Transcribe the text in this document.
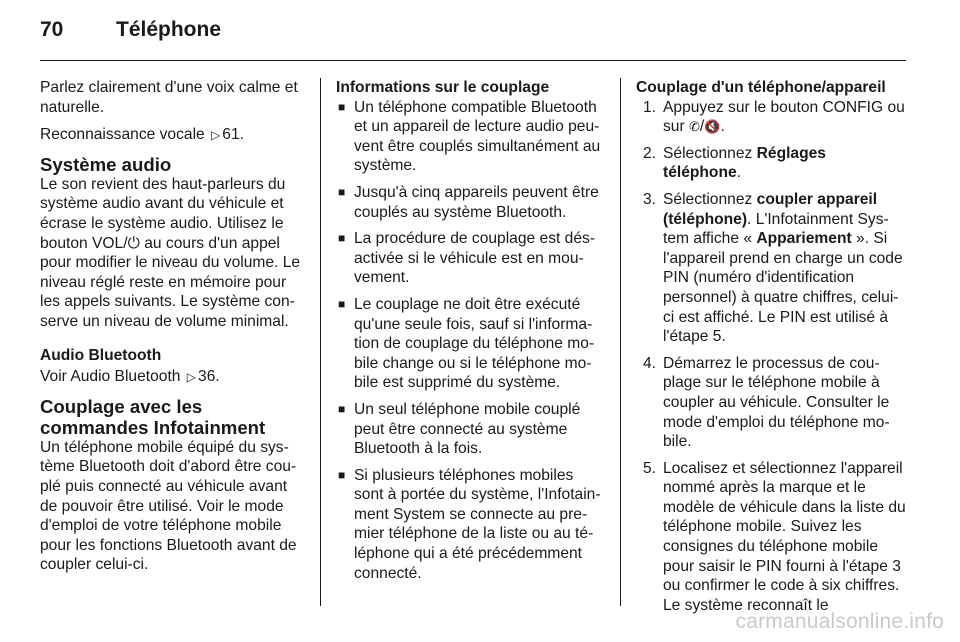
70	Téléphone

Parlez clairement d'une voix calme et naturelle.

Reconnaissance vocale ▷ 61.

Système audio

Le son revient des haut-parleurs du système audio avant du véhicule et écrase le système audio. Utilisez le bouton VOL/⏻ au cours d'un appel pour modifier le niveau du volume. Le niveau réglé reste en mémoire pour les appels suivants. Le système conserve un niveau de volume minimal.

Audio Bluetooth

Voir Audio Bluetooth ▷ 36.

Couplage avec les commandes Infotainment

Un téléphone mobile équipé du système Bluetooth doit d'abord être couplé puis connecté au véhicule avant de pouvoir être utilisé. Voir le mode d'emploi de votre téléphone mobile pour les fonctions Bluetooth avant de coupler celui-ci.

Informations sur le couplage
■ Un téléphone compatible Bluetooth et un appareil de lecture audio peuvent être couplés simultanément au système.
■ Jusqu'à cinq appareils peuvent être couplés au système Bluetooth.
■ La procédure de couplage est désactivée si le véhicule est en mouvement.
■ Le couplage ne doit être exécuté qu'une seule fois, sauf si l'information de couplage du téléphone mobile change ou si le téléphone mobile est supprimé du système.
■ Un seul téléphone mobile couplé peut être connecté au système Bluetooth à la fois.
■ Si plusieurs téléphones mobiles sont à portée du système, l'Infotainment System se connecte au premier téléphone de la liste ou au téléphone qui a été précédemment connecté.
Couplage d'un téléphone/appareil
1. Appuyez sur le bouton CONFIG ou sur ✆/🔇.
2. Sélectionnez Réglages téléphone.
3. Sélectionnez coupler appareil (téléphone). L'Infotainment System affiche « Appariement ». Si l'appareil prend en charge un code PIN (numéro d'identification personnel) à quatre chiffres, celui-ci est affiché. Le PIN est utilisé à l'étape 5.
4. Démarrez le processus de couplage sur le téléphone mobile à coupler au véhicule. Consulter le mode d'emploi du téléphone mobile.
5. Localisez et sélectionnez l'appareil nommé après la marque et le modèle de véhicule dans la liste du téléphone mobile. Suivez les consignes du téléphone mobile pour saisir le PIN fourni à l'étape 3 ou confirmer le code à six chiffres. Le système reconnaît le
carmanualsonline.info
